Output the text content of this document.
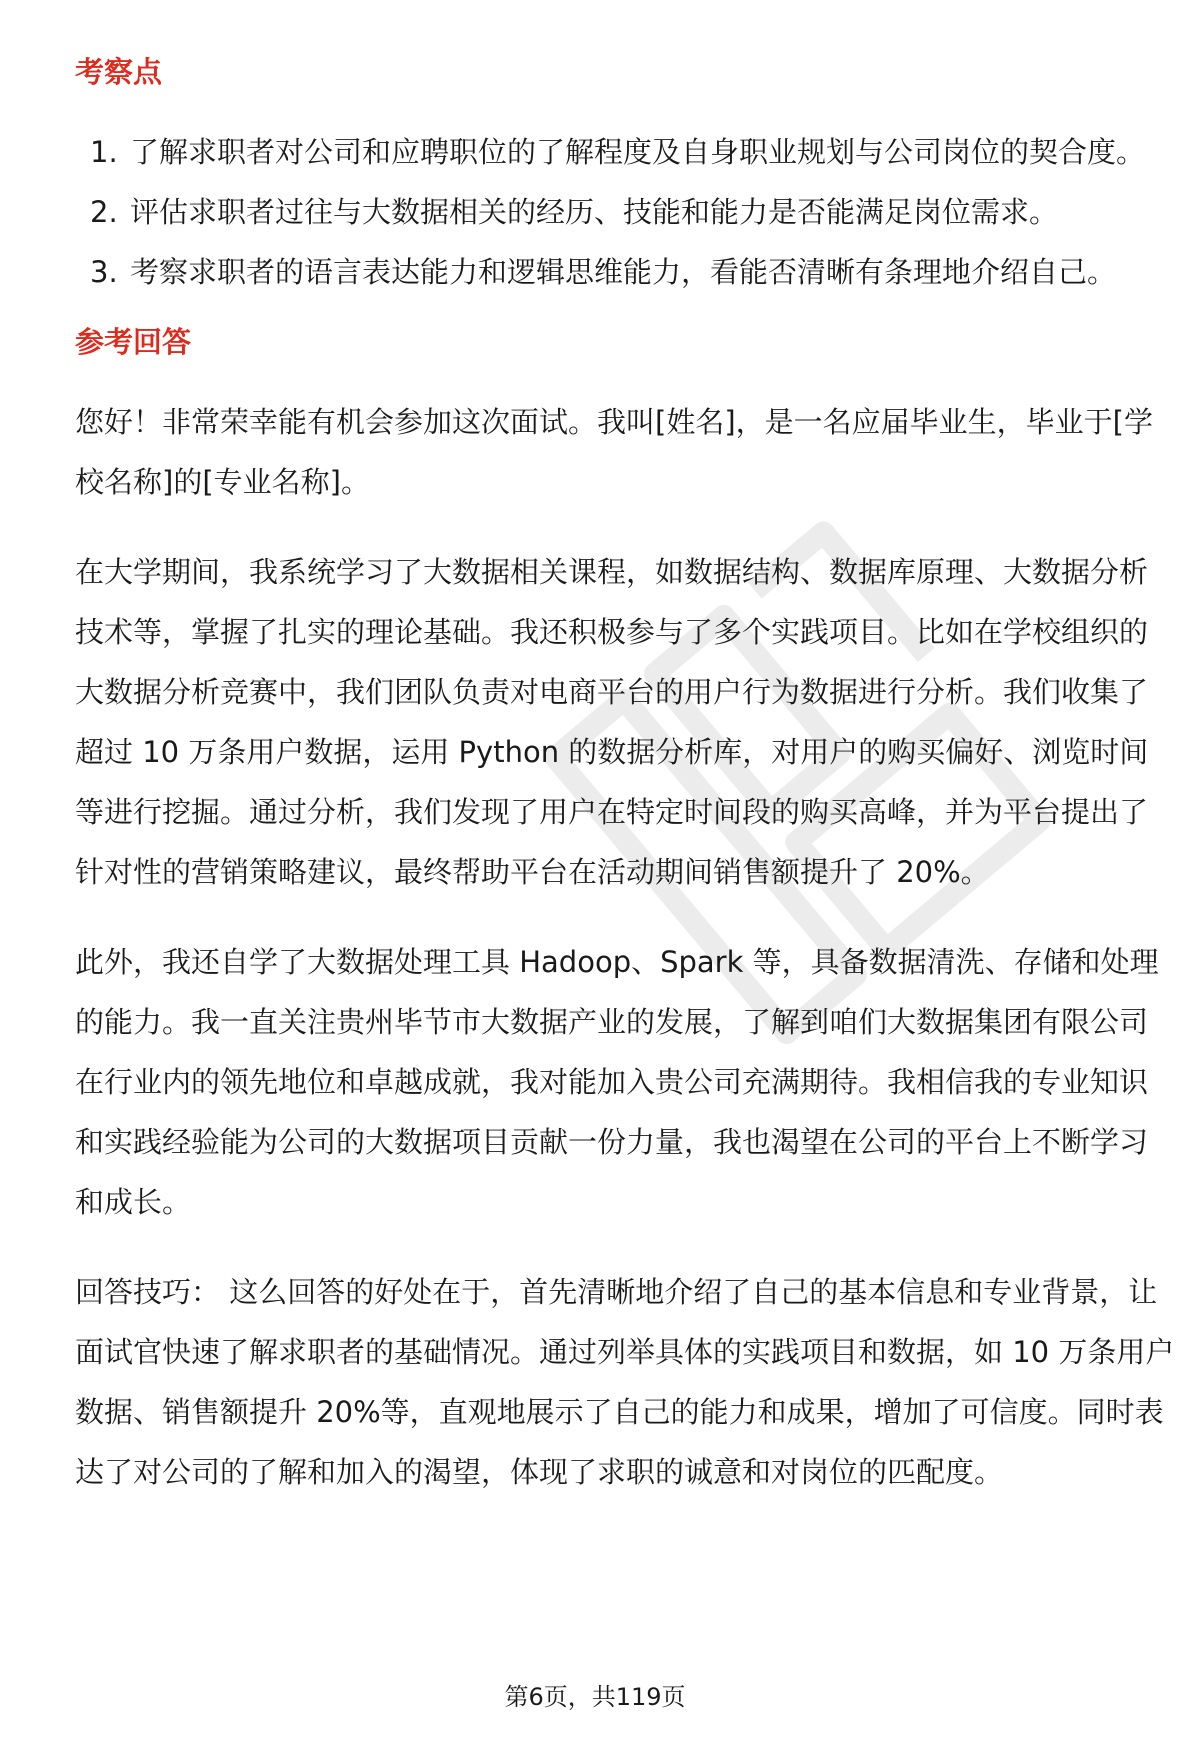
考察点
1. 了解求职者对公司和应聘职位的了解程度及自身职业规划与公司岗位的契合度。
2. 评估求职者过往与大数据相关的经历、技能和能力是否能满足岗位需求。
3. 考察求职者的语言表达能力和逻辑思维能力，看能否清晰有条理地介绍自己。
参考回答

您好！非常荣幸能有机会参加这次面试。我叫[姓名]，是一名应届毕业生，毕业于[学校名称]的[专业名称]。

在大学期间，我系统学习了大数据相关课程，如数据结构、数据库原理、大数据分析技术等，掌握了扎实的理论基础。我还积极参与了多个实践项目。比如在学校组织的大数据分析竞赛中，我们团队负责对电商平台的用户行为数据进行分析。我们收集了超过 10 万条用户数据，运用 Python 的数据分析库，对用户的购买偏好、浏览时间等进行挖掘。通过分析，我们发现了用户在特定时间段的购买高峰，并为平台提出了针对性的营销策略建议，最终帮助平台在活动期间销售额提升了 20%。

此外，我还自学了大数据处理工具 Hadoop、Spark 等，具备数据清洗、存储和处理的能力。我一直关注贵州毕节市大数据产业的发展，了解到咱们大数据集团有限公司在行业内的领先地位和卓越成就，我对能加入贵公司充满期待。我相信我的专业知识和实践经验能为公司的大数据项目贡献一份力量，我也渴望在公司的平台上不断学习和成长。

回答技巧： 这么回答的好处在于，首先清晰地介绍了自己的基本信息和专业背景，让面试官快速了解求职者的基础情况。通过列举具体的实践项目和数据，如 10 万条用户数据、销售额提升 20%等，直观地展示了自己的能力和成果，增加了可信度。同时表达了对公司的了解和加入的渴望，体现了求职的诚意和对岗位的匹配度。

第6页，共119页
